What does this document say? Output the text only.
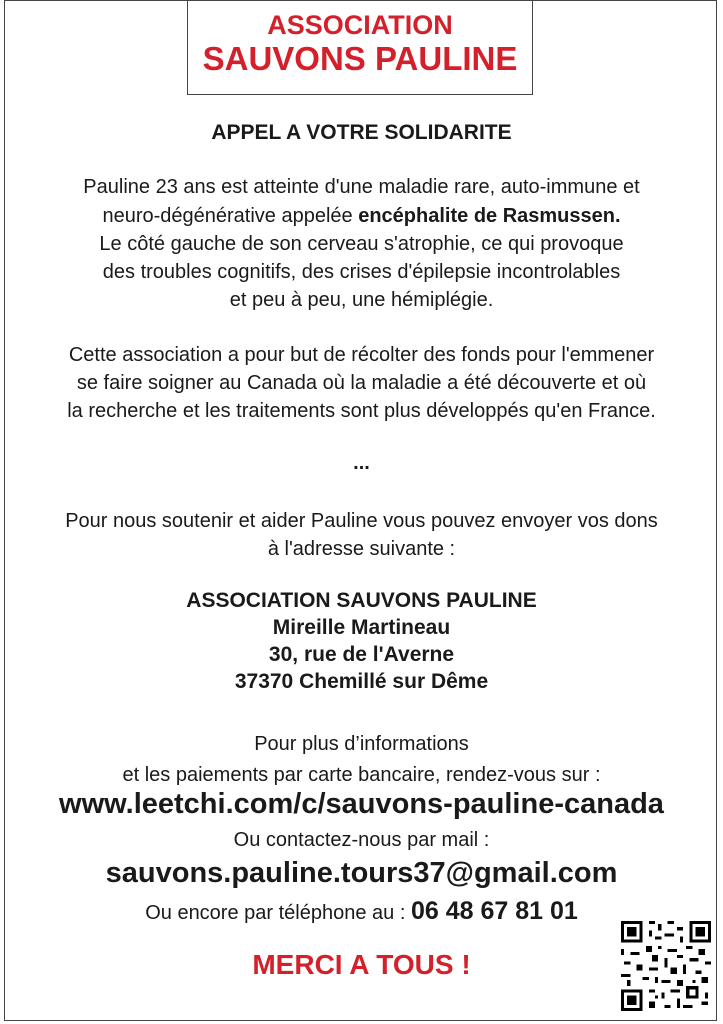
ASSOCIATION
SAUVONS PAULINE
APPEL A VOTRE SOLIDARITE
Pauline 23 ans est atteinte d'une maladie rare, auto-immune et
neuro-dégénérative appelée encéphalite de Rasmussen.
Le côté gauche de son cerveau s'atrophie, ce qui provoque
des troubles cognitifs, des crises d'épilepsie incontrolables
et peu à peu, une hémiplégie.
Cette association a pour but de récolter des fonds pour l'emmener
se faire soigner au Canada où la maladie a été découverte et où
la recherche et les traitements sont plus développés qu'en France.
...
Pour nous soutenir et aider Pauline vous pouvez envoyer vos dons
à l'adresse suivante :
ASSOCIATION SAUVONS PAULINE
Mireille Martineau
30, rue de l'Averne
37370 Chemillé sur Dême
Pour plus d’informations
et les paiements par carte bancaire, rendez-vous sur :
www.leetchi.com/c/sauvons-pauline-canada
Ou contactez-nous par mail :
sauvons.pauline.tours37@gmail.com
Ou encore par téléphone au : 06 48 67 81 01
MERCI A TOUS !
